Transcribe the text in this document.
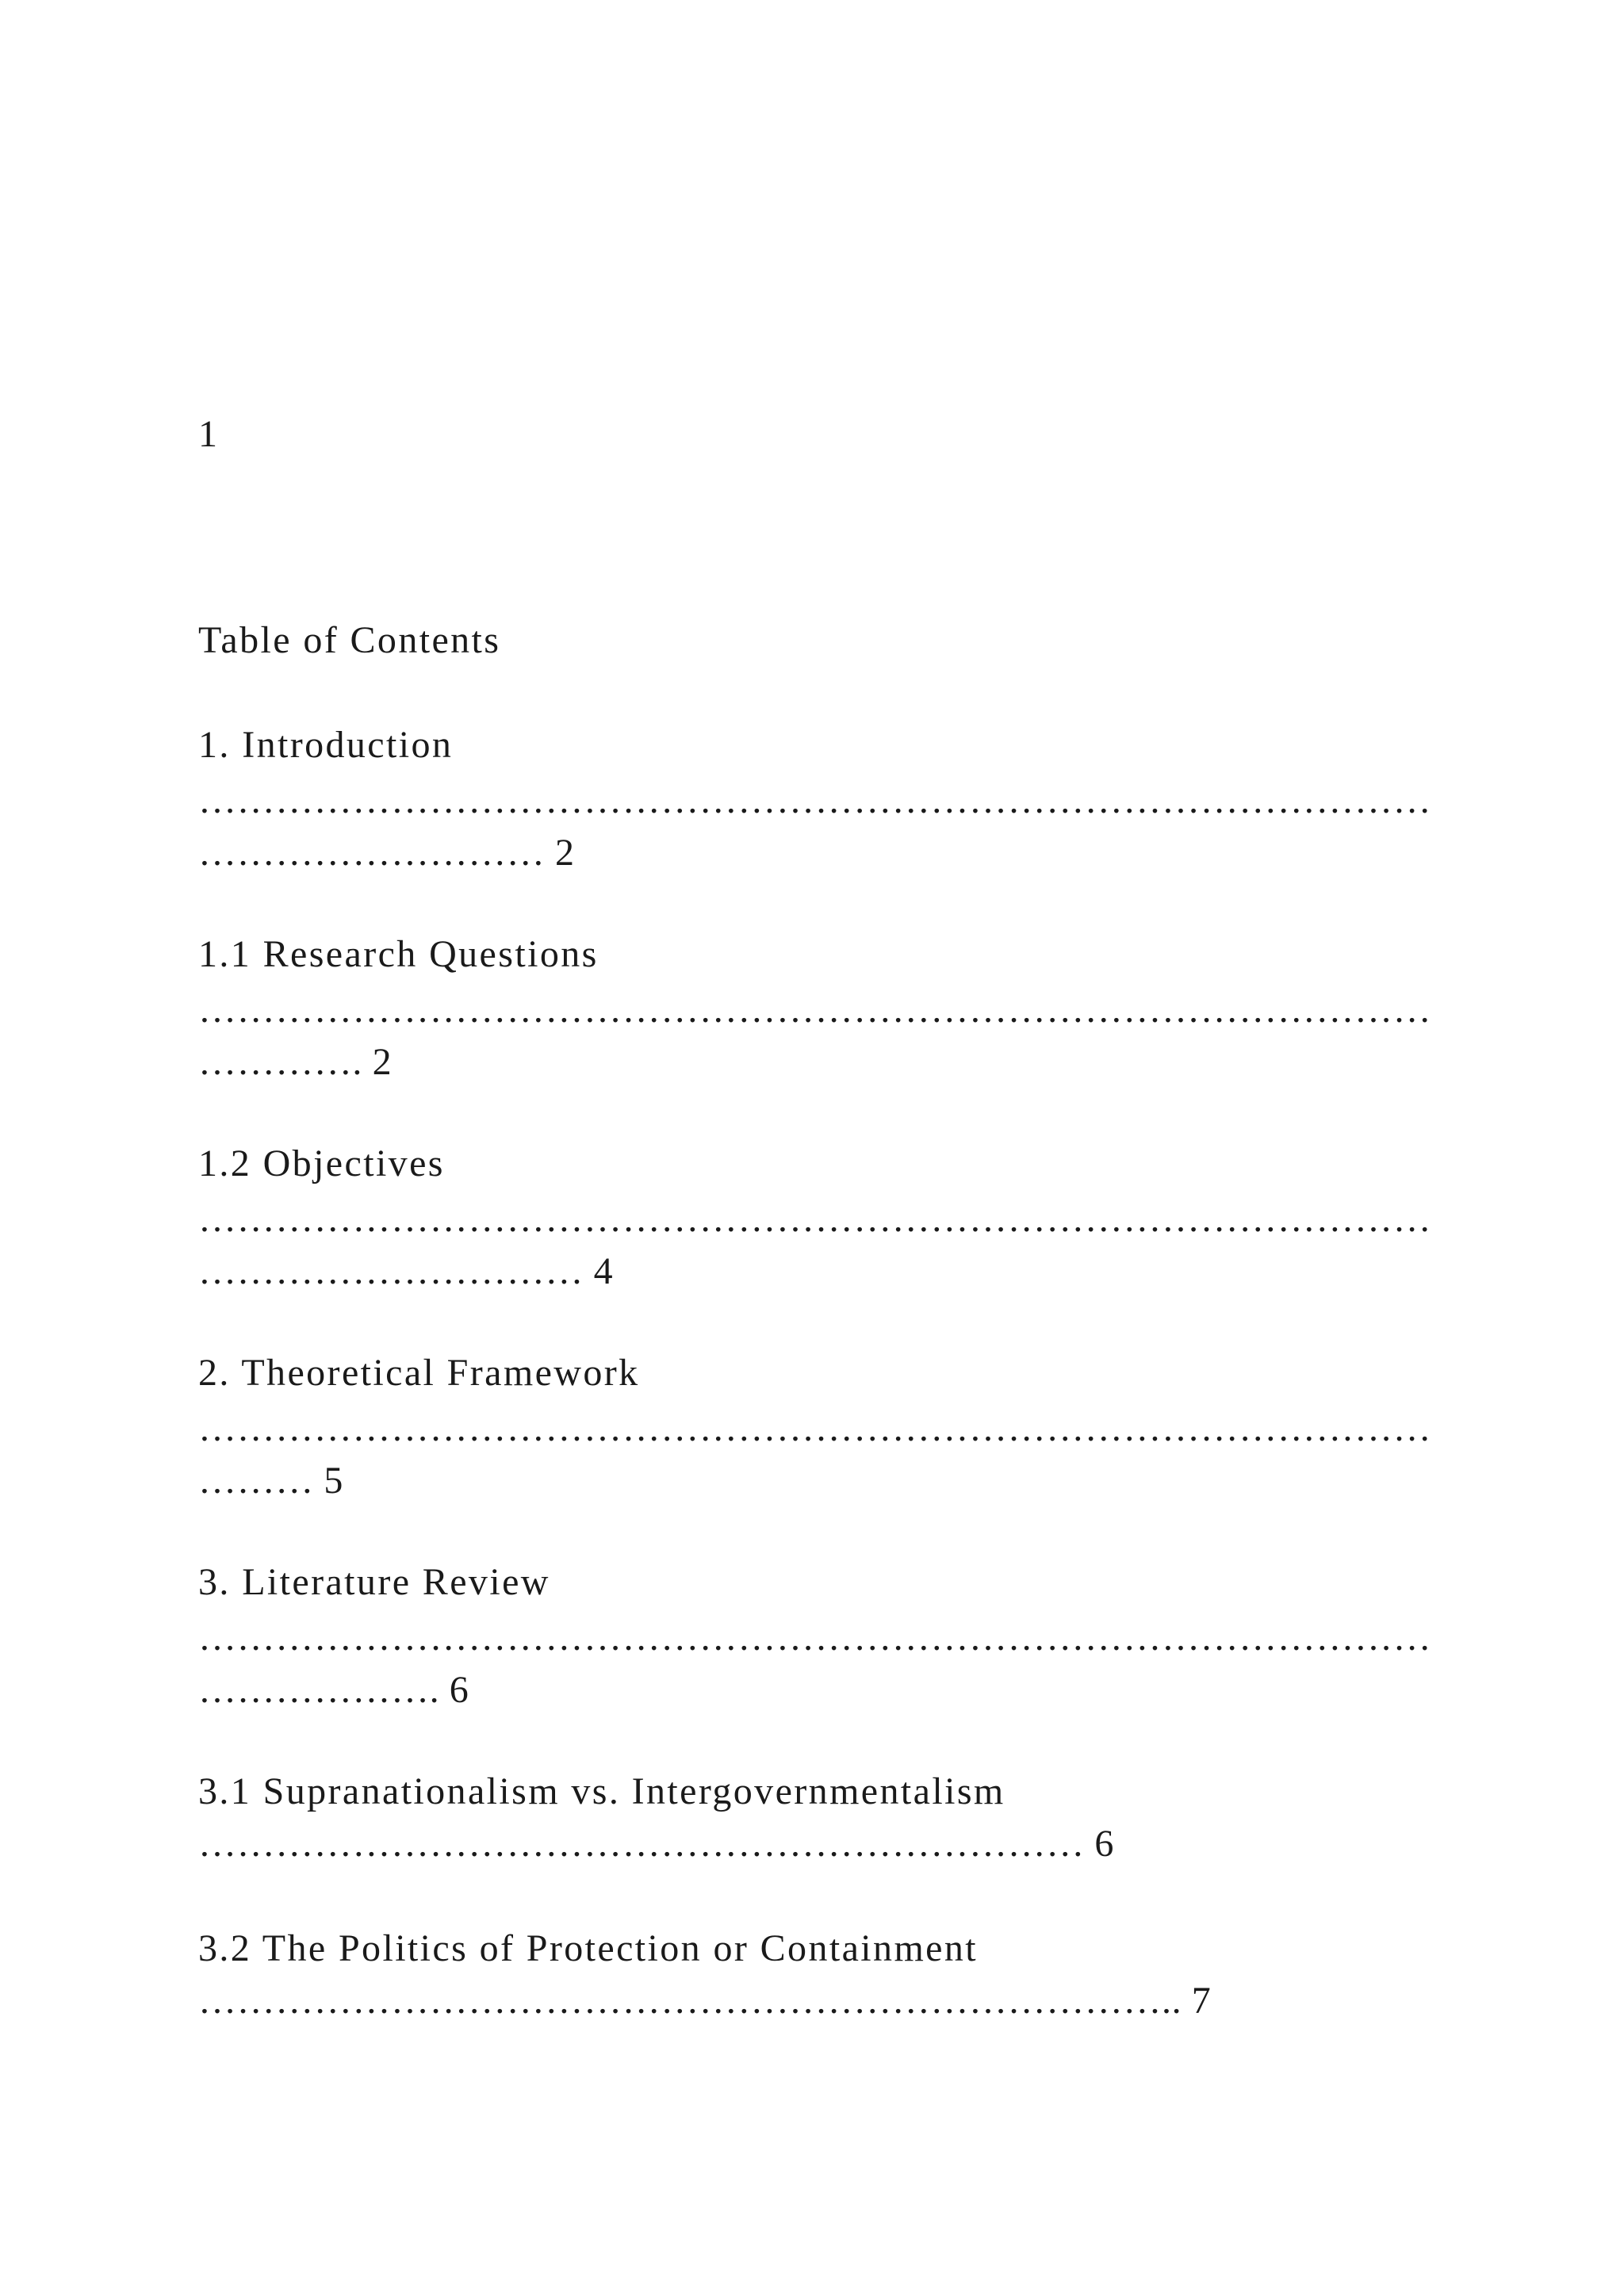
1
Table of Contents
1. Introduction
……………………………………………………………………………………
……………………… 2
1.1 Research Questions
……………………………………………………………………………………
…………. 2
1.2 Objectives
……………………………………………………………………………………
………………………… 4
2. Theoretical Framework
……………………………………………………………………………………
……… 5
3. Literature Review
……………………………………………………………………………………
………………. 6
3.1 Supranationalism vs. Intergovernmentalism
…………………………………………………………… 6
3.2 The Politics of Protection or Containment
………………………………………………………………….. 7
